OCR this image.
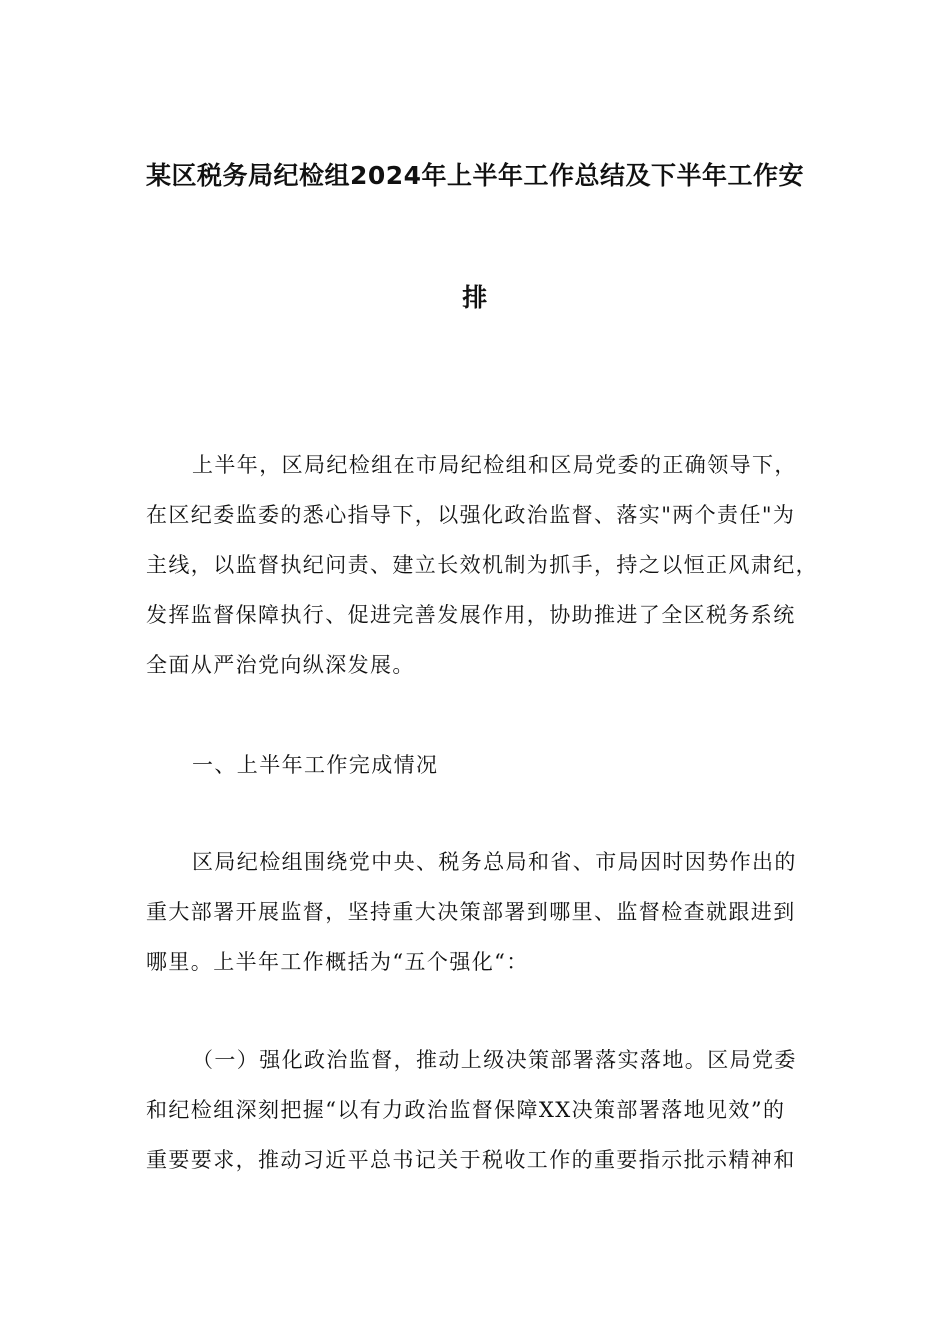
某区税务局纪检组2024年上半年工作总结及下半年工作安
排
上半年，区局纪检组在市局纪检组和区局党委的正确领导下，
在区纪委监委的悉心指导下，以强化政治监督、落实"两个责任"为
主线，以监督执纪问责、建立长效机制为抓手，持之以恒正风肃纪，
发挥监督保障执行、促进完善发展作用，协助推进了全区税务系统
全面从严治党向纵深发展。
一、上半年工作完成情况
区局纪检组围绕党中央、税务总局和省、市局因时因势作出的
重大部署开展监督，坚持重大决策部署到哪里、监督检查就跟进到
哪里。上半年工作概括为“五个强化“：
（一）强化政治监督，推动上级决策部署落实落地。区局党委
和纪检组深刻把握“以有力政治监督保障XX决策部署落地见效”的
重要要求，推动习近平总书记关于税收工作的重要指示批示精神和
